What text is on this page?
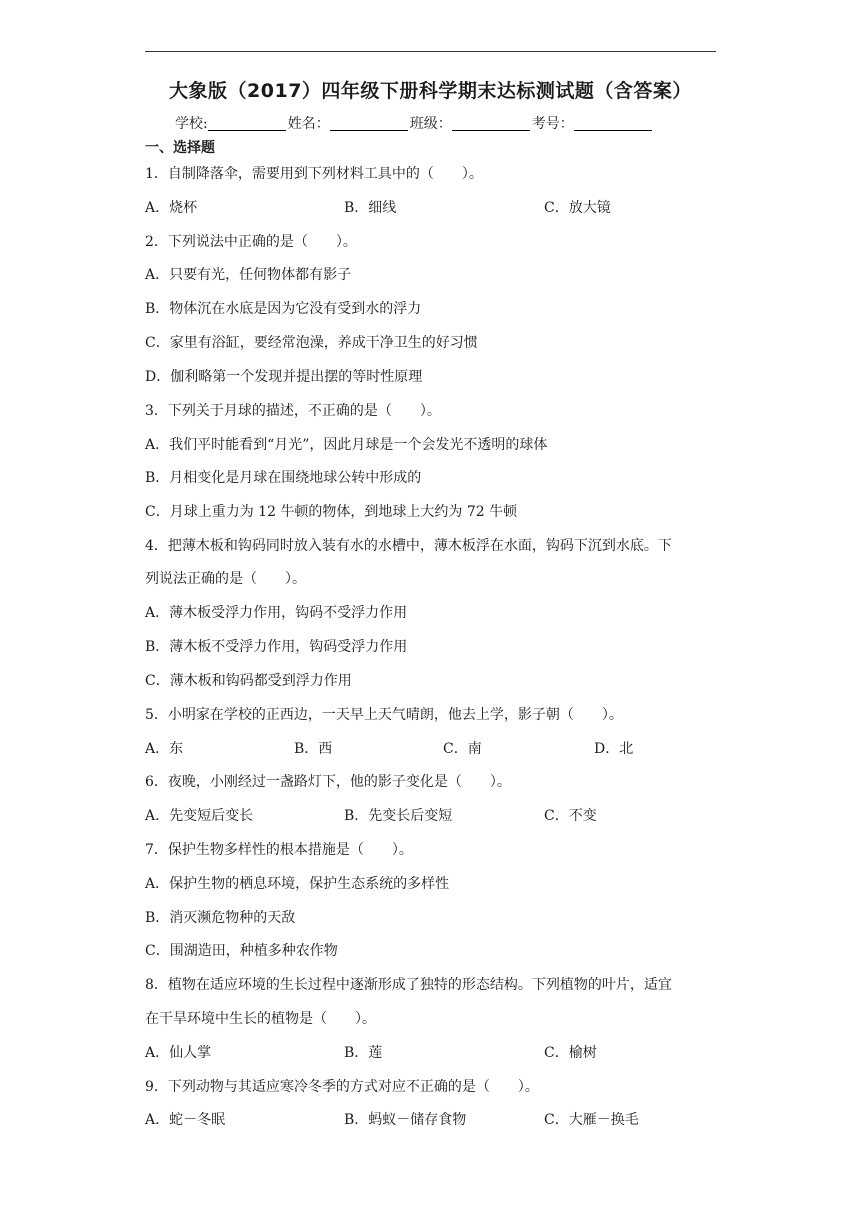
大象版（2017）四年级下册科学期末达标测试题（含答案）
学校:	姓名：	班级：	考号：
一、选择题
1．自制降落伞，需要用到下列材料工具中的（　　）。
A．烧杯	B．细线	C．放大镜
2．下列说法中正确的是（　　）。
A．只要有光，任何物体都有影子
B．物体沉在水底是因为它没有受到水的浮力
C．家里有浴缸，要经常泡澡，养成干净卫生的好习惯
D．伽利略第一个发现并提出摆的等时性原理
3．下列关于月球的描述，不正确的是（　　）。
A．我们平时能看到“月光”，因此月球是一个会发光不透明的球体
B．月相变化是月球在围绕地球公转中形成的
C．月球上重力为 12 牛顿的物体，到地球上大约为 72 牛顿
4．把薄木板和钩码同时放入装有水的水槽中，薄木板浮在水面，钩码下沉到水底。下
列说法正确的是（　　）。
A．薄木板受浮力作用，钩码不受浮力作用
B．薄木板不受浮力作用，钩码受浮力作用
C．薄木板和钩码都受到浮力作用
5．小明家在学校的正西边，一天早上天气晴朗，他去上学，影子朝（　　）。
A．东	B．西	C．南	D．北
6．夜晚，小刚经过一盏路灯下，他的影子变化是（　　）。
A．先变短后变长	B．先变长后变短	C．不变
7．保护生物多样性的根本措施是（　　）。
A．保护生物的栖息环境，保护生态系统的多样性
B．消灭濒危物种的天敌
C．围湖造田，种植多种农作物
8．植物在适应环境的生长过程中逐渐形成了独特的形态结构。下列植物的叶片，适宜
在干旱环境中生长的植物是（　　）。
A．仙人掌	B．莲	C．榆树
9．下列动物与其适应寒冷冬季的方式对应不正确的是（　　）。
A．蛇－冬眠	B．蚂蚁－储存食物	C．大雁－换毛
